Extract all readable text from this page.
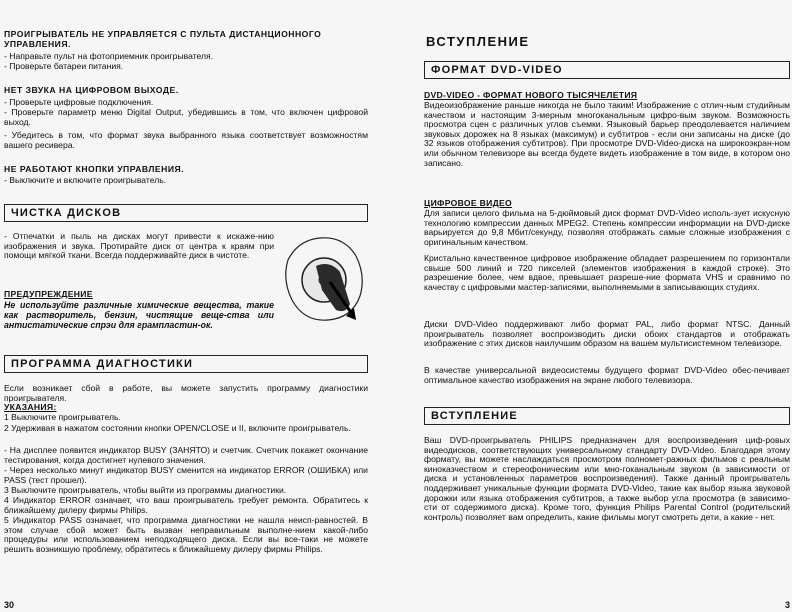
ПРОИГРЫВАТЕЛЬ НЕ УПРАВЛЯЕТСЯ С ПУЛЬТА ДИСТАНЦИОННОГО УПРАВЛЕНИЯ.

- Направьте пульт на фотоприемник проигрывателя.

- Проверьте батареи питания.

НЕТ ЗВУКА НА ЦИФРОВОМ ВЫХОДЕ.

- Проверьте цифровые подключения.

- Проверьте параметр меню Digital Output, убедившись в том, что включен цифровой выход.

- Убедитесь в том, что формат звука выбранного языка соответствует возможностям вашего ресивера.

НЕ РАБОТАЮТ КНОПКИ УПРАВЛЕНИЯ.

- Выключите и включите проигрыватель.

ЧИСТКА ДИСКОВ

- Отпечатки и пыль на дисках могут привести к искаже-нию изображения и звука. Протирайте диск от центра к краям при помощи мягкой ткани. Всегда поддерживайте диск в чистоте.

ПРЕДУПРЕЖДЕНИЕ

Не используйте различные химические вещества, такие как растворитель, бензин, чистящие веще-ства или антистатические спрэи для грампластин-ок.

ПРОГРАММА ДИАГНОСТИКИ

Если возникает сбой в работе, вы можете запустить программу диагностики проигрывателя.

УКАЗАНИЯ:

1 Выключите проигрыватель.

2 Удерживая в нажатом состоянии кнопки OPEN/CLOSE и II, включите проигрыватель.

- На дисплее появится индикатор BUSY (ЗАНЯТО) и счетчик. Счетчик покажет окончание тестирования, когда достигнет нулевого значения.

- Через несколько минут индикатор BUSY сменится на индикатор ERROR (ОШИБКА) или PASS (тест прошел).

3 Выключите проигрыватель, чтобы выйти из программы диагностики.

4 Индикатор ERROR означает, что ваш проигрыватель требует ремонта. Обратитесь к ближайшему дилеру фирмы Philips.

5 Индикатор PASS означает, что программа диагностики не нашла неисп-равностей. В этом случае сбой может быть вызван неправильным выполне-нием какой-либо процедуры или использованием неподходящего диска. Если вы все-таки не можете решить возникшую проблему, обратитесь к ближайшему дилеру фирмы Philips.

30
ВСТУПЛЕНИЕ
ФОРМАТ DVD-VIDEO

DVD-VIDEO - ФОРМАТ НОВОГО ТЫСЯЧЕЛЕТИЯ

Видеоизображение раньше никогда не было таким! Изображение с отлич-ным студийным качеством и настоящим 3-мерным многоканальным цифро-вым звуком. Возможность просмотра сцен с различных углов съемки. Языковый барьер преодолевается наличием звуковых дорожек на 8 языках (максимум) и субтитров - если они записаны на диске (до 32 языков отображения субтитров). При просмотре DVD-Video-диска на широкоэкран-ном или обычном телевизоре вы всегда будете видеть изображение в том виде, в котором оно записано.

ЦИФРОВОЕ ВИДЕО

Для записи целого фильма на 5-дюймовый диск формат DVD-Video исполь-зует искусную технологию компрессии данных MPEG2. Степень компрессии информации на DVD-диске варьируется до 9,8 Мбит/секунду, позволяя отображать самые сложные изображения с оригинальным качеством.

Кристально качественное цифровое изображение обладает разрешением по горизонтали свыше 500 линий и 720 пикселей (элементов изображения в каждой строке). Это разрешение более, чем вдвое, превышает разреше-ние формата VHS и сравнимо по качеству с цифровыми мастер-записями, выполняемыми в записывающих студиях.

Диски DVD-Video поддерживают либо формат PAL, либо формат NTSC. Данный проигрыватель позволяет воспроизводить диски обоих стандартов и отображать изображение с этих дисков наилучшим образом на вашем мультисистемном телевизоре.

В качестве универсальной видеосистемы будущего формат DVD-Video обес-печивает оптимальное качество изображения на экране любого телевизора.

ВСТУПЛЕНИЕ

Ваш DVD-проигрыватель PHILIPS предназначен для воспроизведения циф-ровых видеодисков, соответствующих универсальному стандарту DVD-Video. Благодаря этому формату, вы можете наслаждаться просмотром полномет-ражных фильмов с реальным киноказчеством и стереофоническим или мно-гоканальным звуком (в зависимости от диска и установленных параметров воспроизведения). Также данный проигрыватель поддерживает уникальные функции формата DVD-Video, такие как выбор языка звуковой дорожки или языка отображения субтитров, а также выбор угла просмотра (в зависимо-сти от содержимого диска). Кроме того, функция Philips Parental Control (родительский контроль) позволяет вам определить, какие фильмы могут смотреть дети, а какие - нет.

3
